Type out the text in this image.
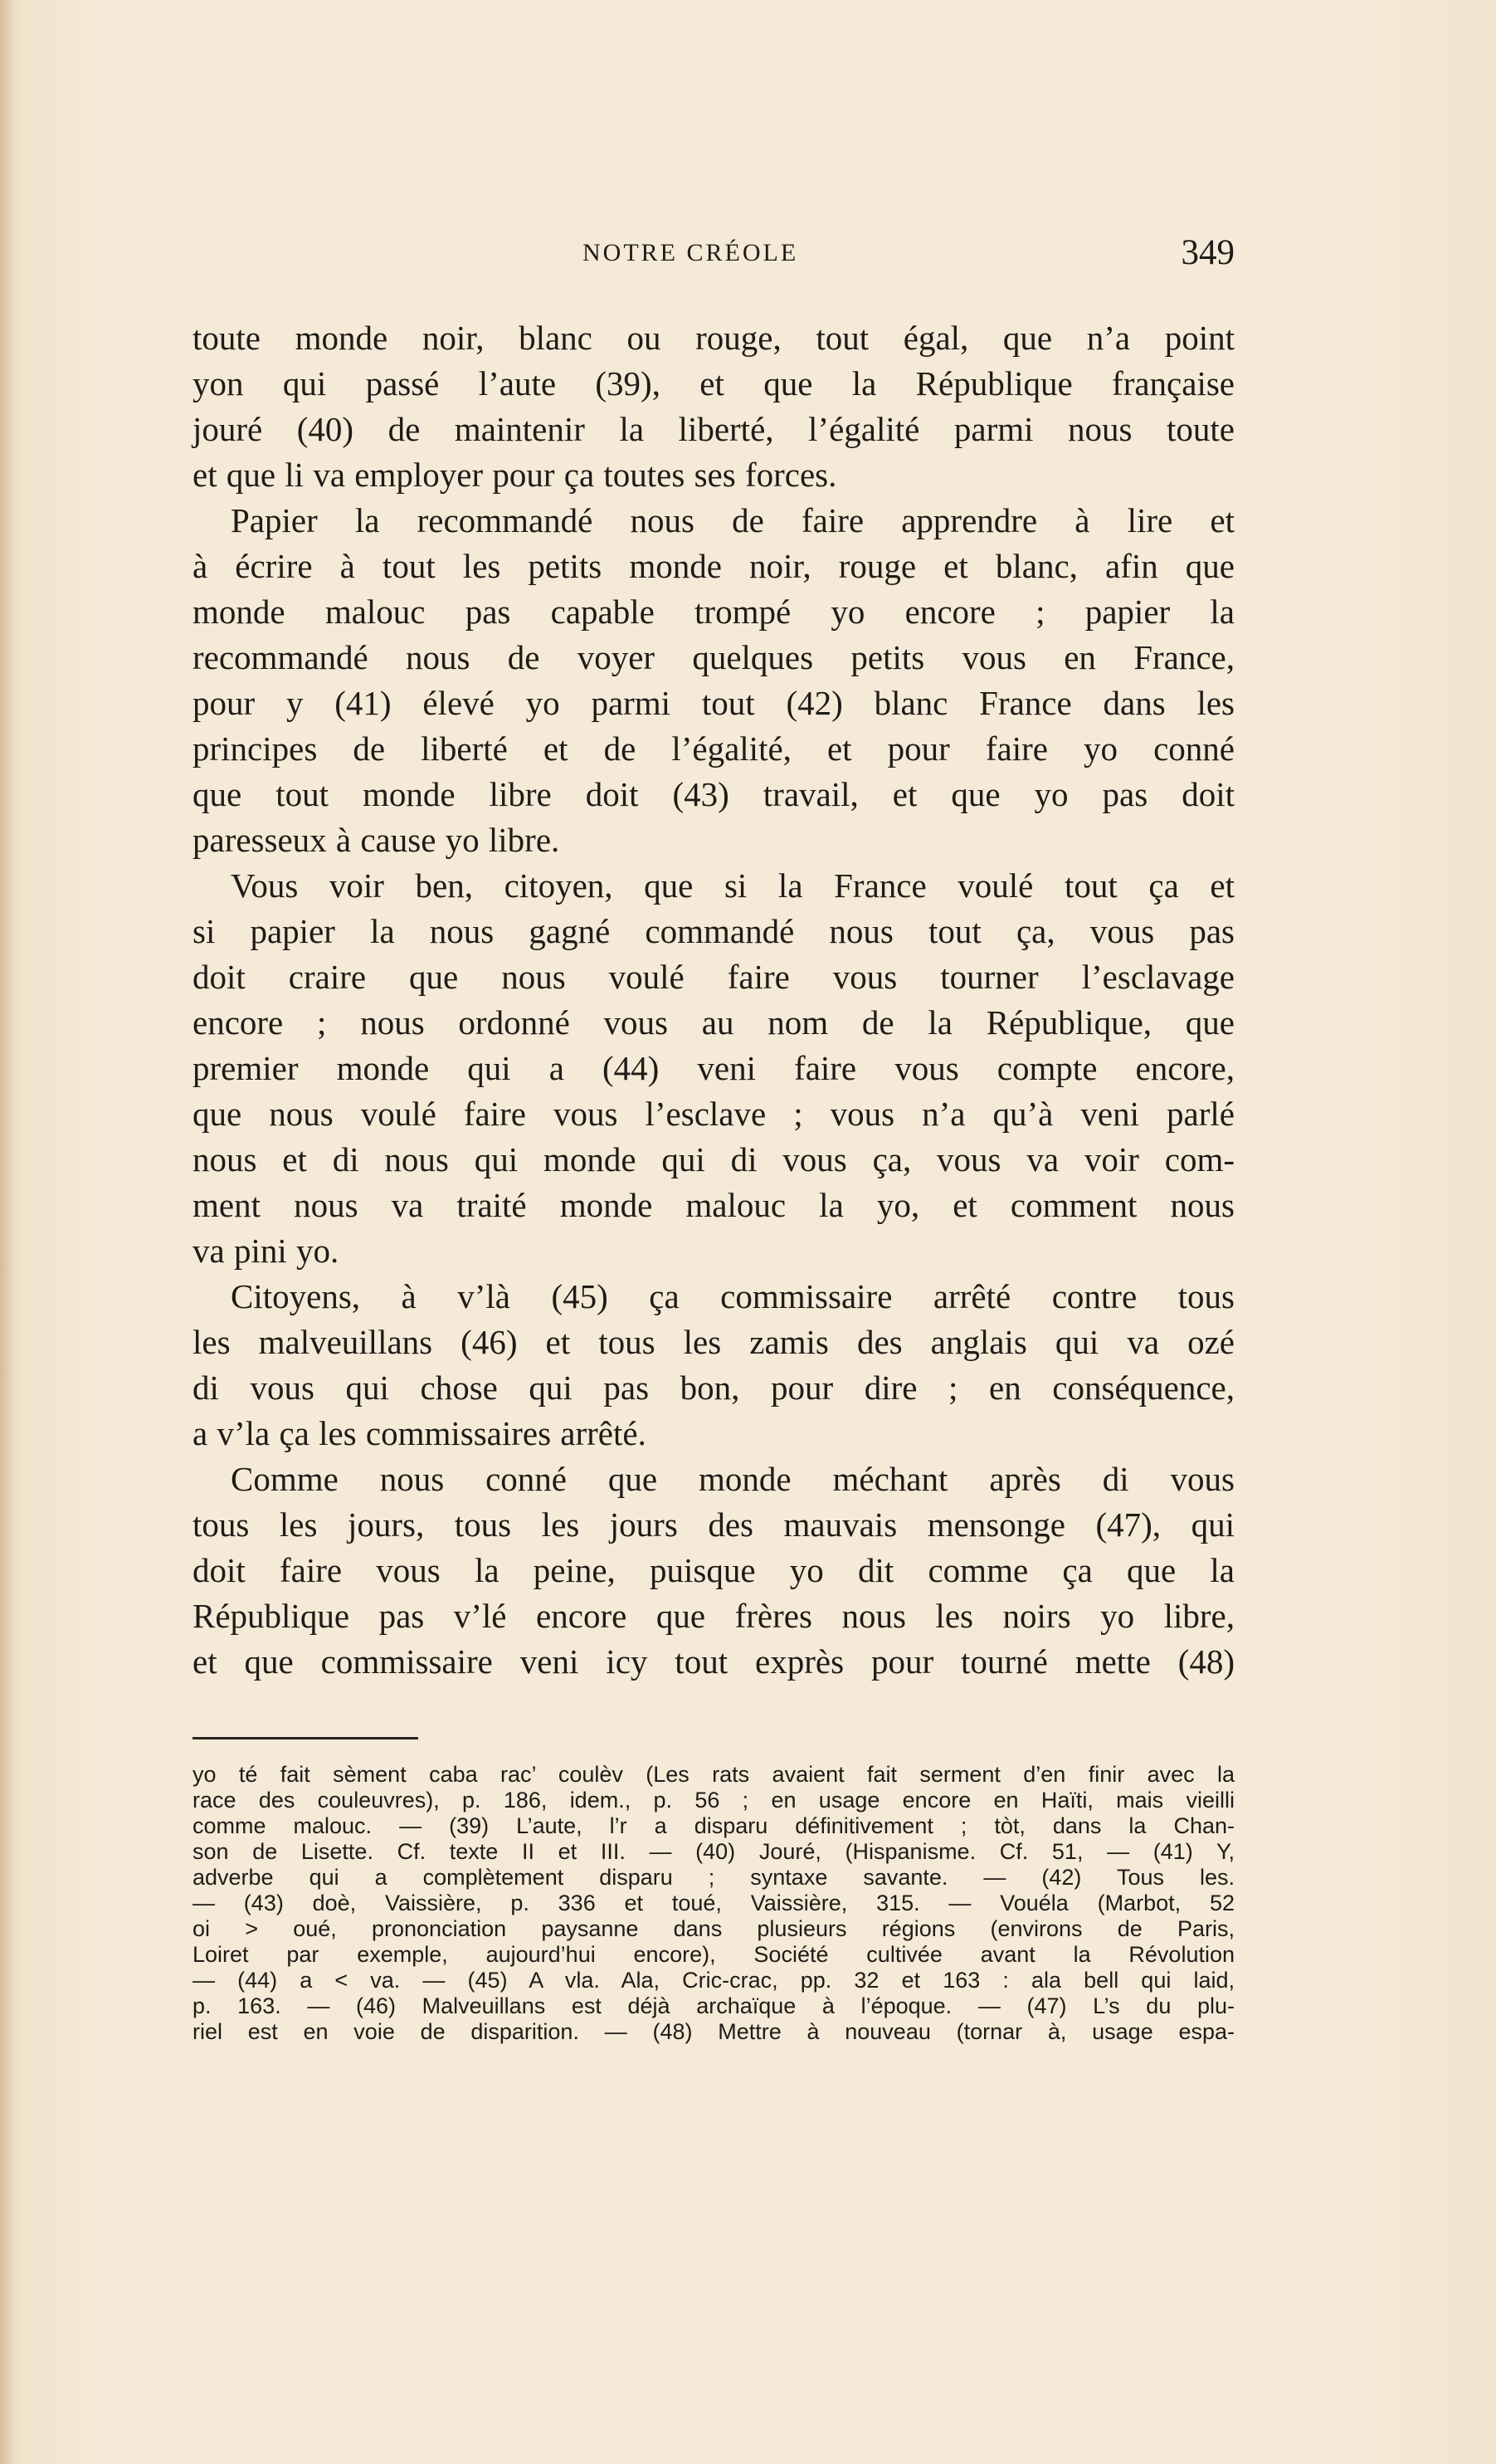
NOTRE CRÉOLE	349
toute monde noir, blanc ou rouge, tout égal, que n’a point
yon qui passé l’aute (39), et que la République française
jouré (40) de maintenir la liberté, l’égalité parmi nous toute
et que li va employer pour ça toutes ses forces.
Papier la recommandé nous de faire apprendre à lire et
à écrire à tout les petits monde noir, rouge et blanc, afin que
monde malouc pas capable trompé yo encore ; papier la
recommandé nous de voyer quelques petits vous en France,
pour y (41) élevé yo parmi tout (42) blanc France dans les
principes de liberté et de l’égalité, et pour faire yo conné
que tout monde libre doit (43) travail, et que yo pas doit
paresseux à cause yo libre.
Vous voir ben, citoyen, que si la France voulé tout ça et
si papier la nous gagné commandé nous tout ça, vous pas
doit craire que nous voulé faire vous tourner l’esclavage
encore ; nous ordonné vous au nom de la République, que
premier monde qui a (44) veni faire vous compte encore,
que nous voulé faire vous l’esclave ; vous n’a qu’à veni parlé
nous et di nous qui monde qui di vous ça, vous va voir com-
ment nous va traité monde malouc la yo, et comment nous
va pini yo.
Citoyens, à v’là (45) ça commissaire arrêté contre tous
les malveuillans (46) et tous les zamis des anglais qui va ozé
di vous qui chose qui pas bon, pour dire ; en conséquence,
a v’la ça les commissaires arrêté.
Comme nous conné que monde méchant après di vous
tous les jours, tous les jours des mauvais mensonge (47), qui
doit faire vous la peine, puisque yo dit comme ça que la
République pas v’lé encore que frères nous les noirs yo libre,
et que commissaire veni icy tout exprès pour tourné mette (48)
yo té fait sèment caba rac’ coulèv (Les rats avaient fait serment d’en finir avec la
race des couleuvres), p. 186, idem., p. 56 ; en usage encore en Haïti, mais vieilli
comme malouc. — (39) L’aute, l’r a disparu définitivement ; tòt, dans la Chan-
son de Lisette. Cf. texte II et III. — (40) Jouré, (Hispanisme. Cf. 51, — (41) Y,
adverbe qui a complètement disparu ; syntaxe savante. — (42) Tous les.
— (43) doè, Vaissière, p. 336 et toué, Vaissière, 315. — Vouéla (Marbot, 52
oi > oué, prononciation paysanne dans plusieurs régions (environs de Paris,
Loiret par exemple, aujourd’hui encore), Société cultivée avant la Révolution
— (44) a < va. — (45) A vla. Ala, Cric-crac, pp. 32 et 163 : ala bell qui laid,
p. 163. — (46) Malveuillans est déjà archaïque à l’époque. — (47) L’s du plu-
riel est en voie de disparition. — (48) Mettre à nouveau (tornar à, usage espa-
